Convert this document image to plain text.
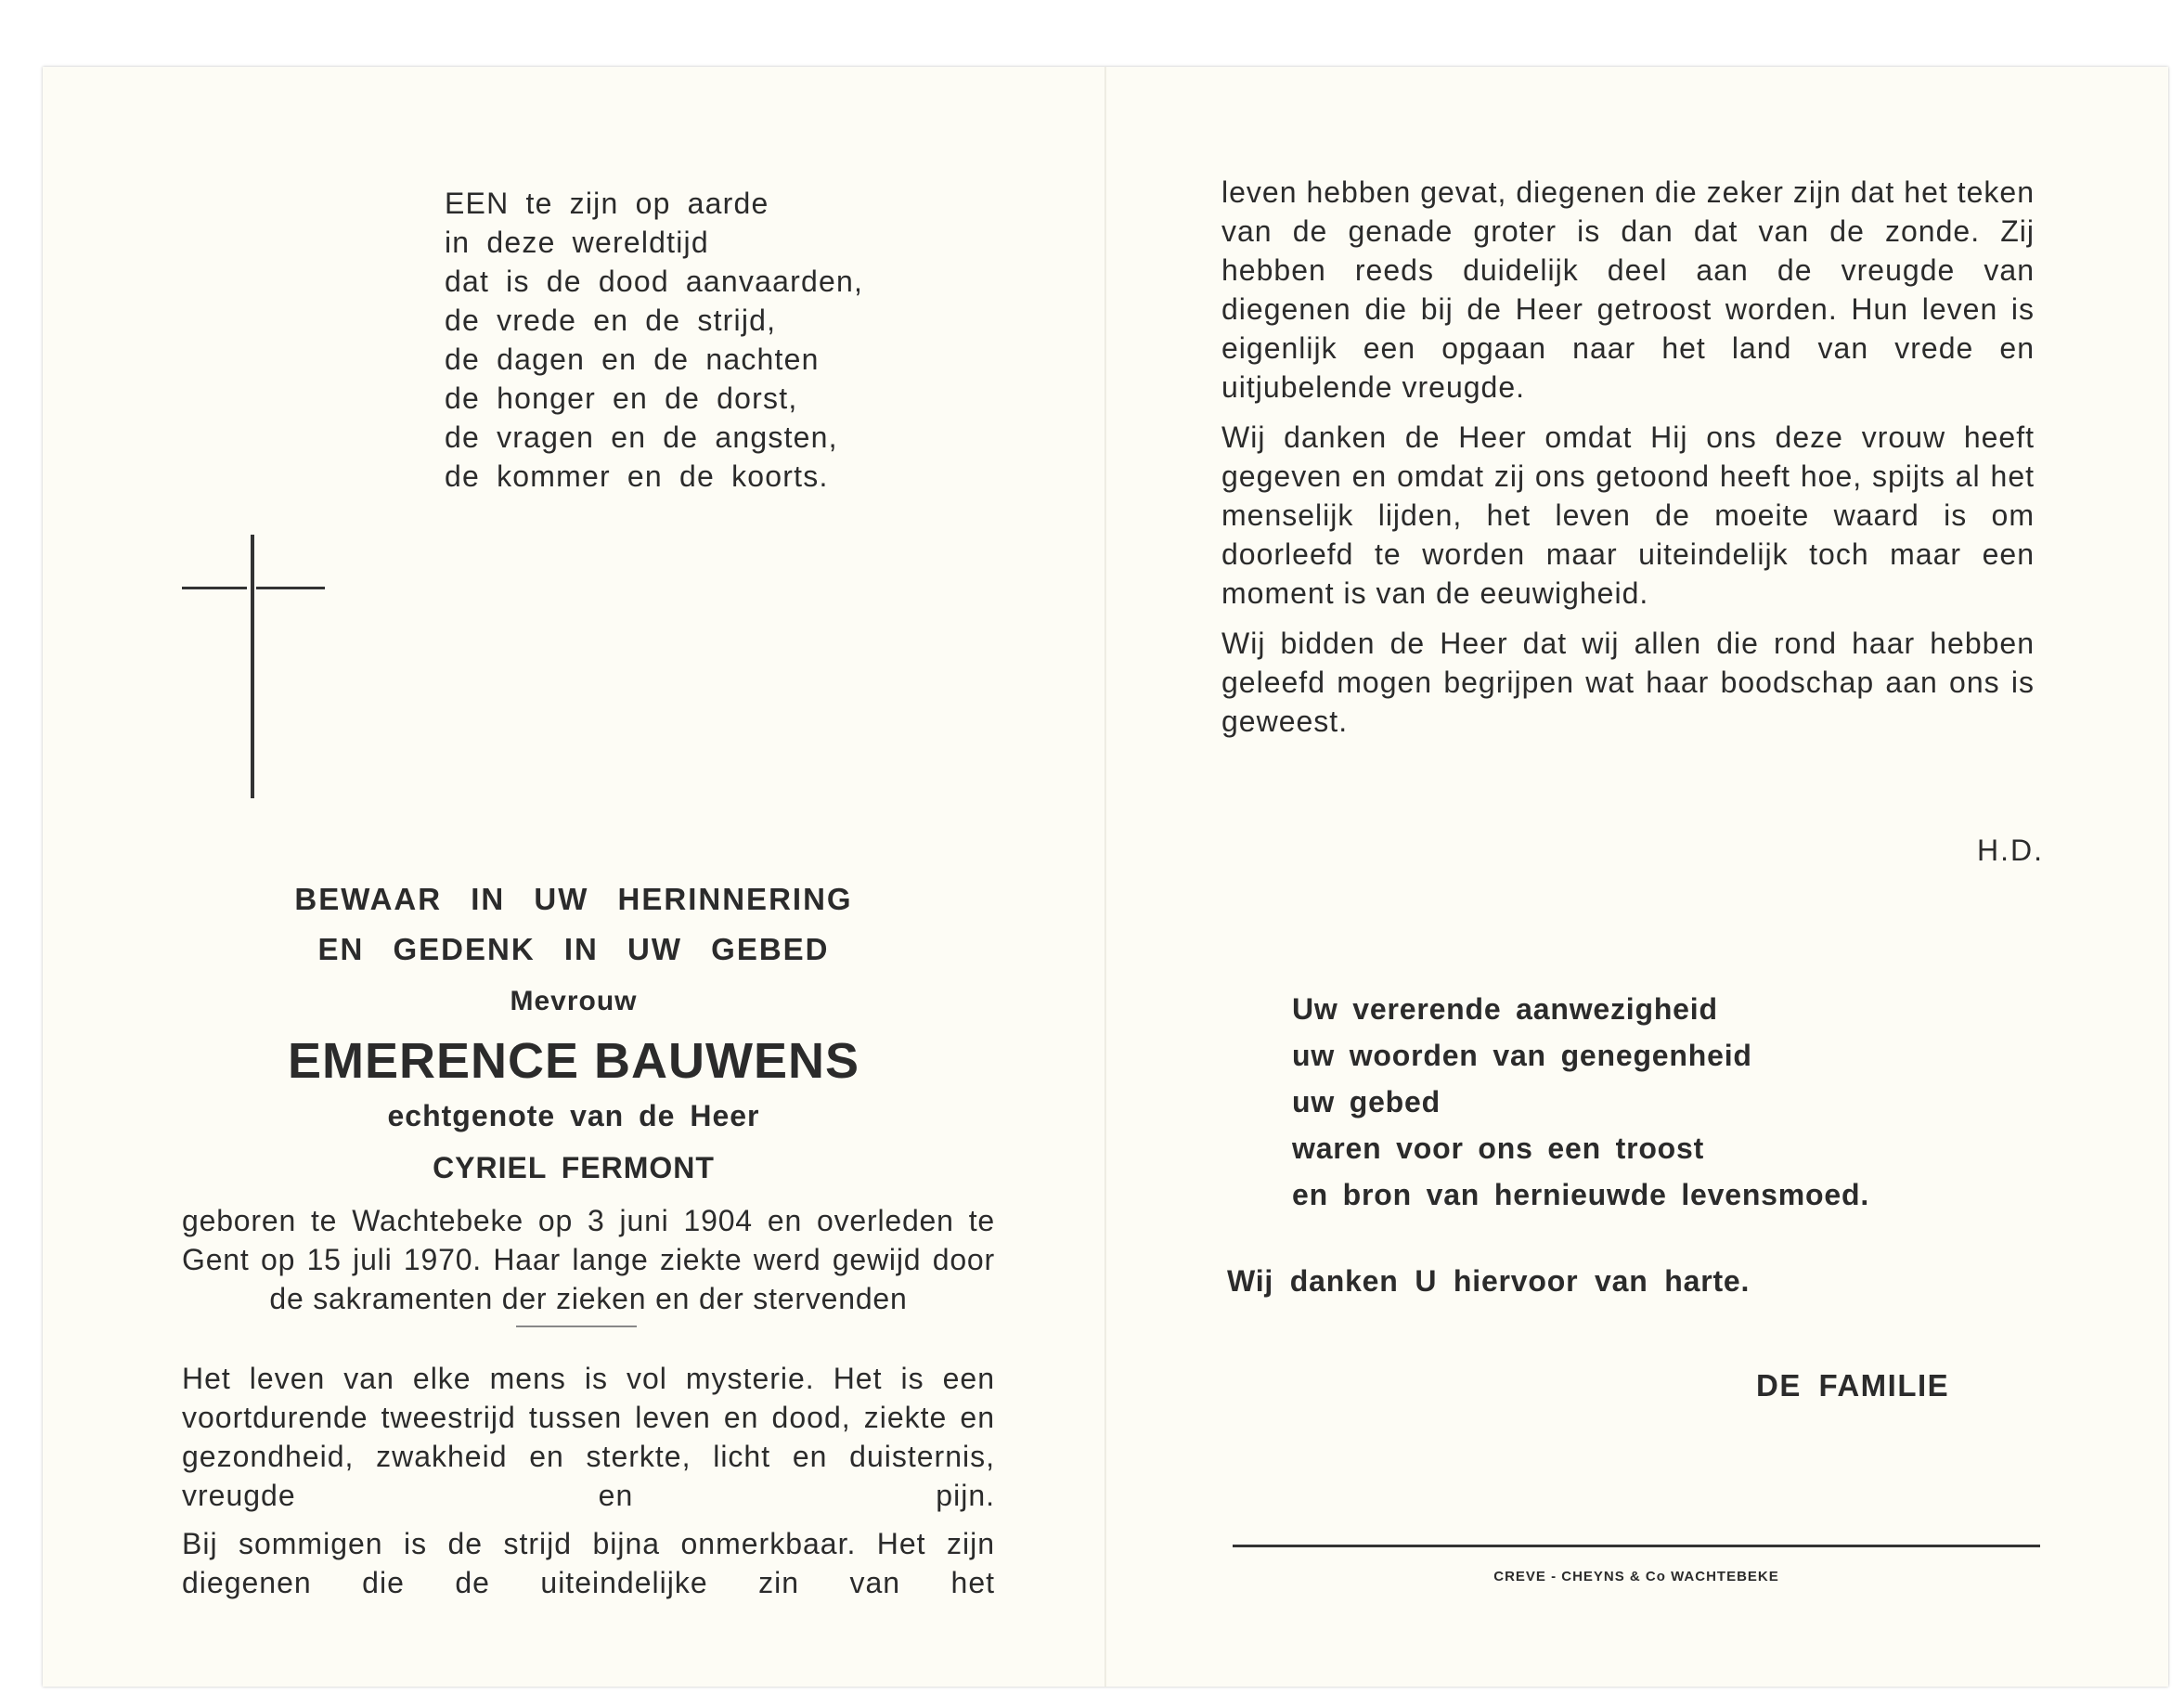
EEN te zijn op aarde
in deze wereldtijd
dat is de dood aanvaarden,
de vrede en de strijd,
de dagen en de nachten
de honger en de dorst,
de vragen en de angsten,
de kommer en de koorts.
BEWAAR IN UW HERINNERING
EN GEDENK IN UW GEBED
Mevrouw
EMERENCE BAUWENS
echtgenote van de Heer
CYRIEL FERMONT
geboren te Wachtebeke op 3 juni 1904 en overleden te Gent op 15 juli 1970. Haar lange ziekte werd gewijd door de sakramenten der zieken en der stervenden

Het leven van elke mens is vol mysterie. Het is een voortdurende tweestrijd tussen leven en dood, ziekte en gezondheid, zwakheid en sterkte, licht en duisternis, vreugde en pijn.

Bij sommigen is de strijd bijna onmerkbaar. Het zijn diegenen die de uiteindelijke zin van het

leven hebben gevat, diegenen die zeker zijn dat het teken van de genade groter is dan dat van de zonde. Zij hebben reeds duidelijk deel aan de vreugde van diegenen die bij de Heer getroost worden. Hun leven is eigenlijk een opgaan naar het land van vrede en uitjubelende vreugde.

Wij danken de Heer omdat Hij ons deze vrouw heeft gegeven en omdat zij ons getoond heeft hoe, spijts al het menselijk lijden, het leven de moeite waard is om doorleefd te worden maar uiteindelijk toch maar een moment is van de eeuwigheid.

Wij bidden de Heer dat wij allen die rond haar hebben geleefd mogen begrijpen wat haar boodschap aan ons is geweest.

H.D.
Uw vererende aanwezigheid
uw woorden van genegenheid
uw gebed
waren voor ons een troost
en bron van hernieuwde levensmoed.
Wij danken U hiervoor van harte.
DE FAMILIE
CREVE - CHEYNS & Co WACHTEBEKE
